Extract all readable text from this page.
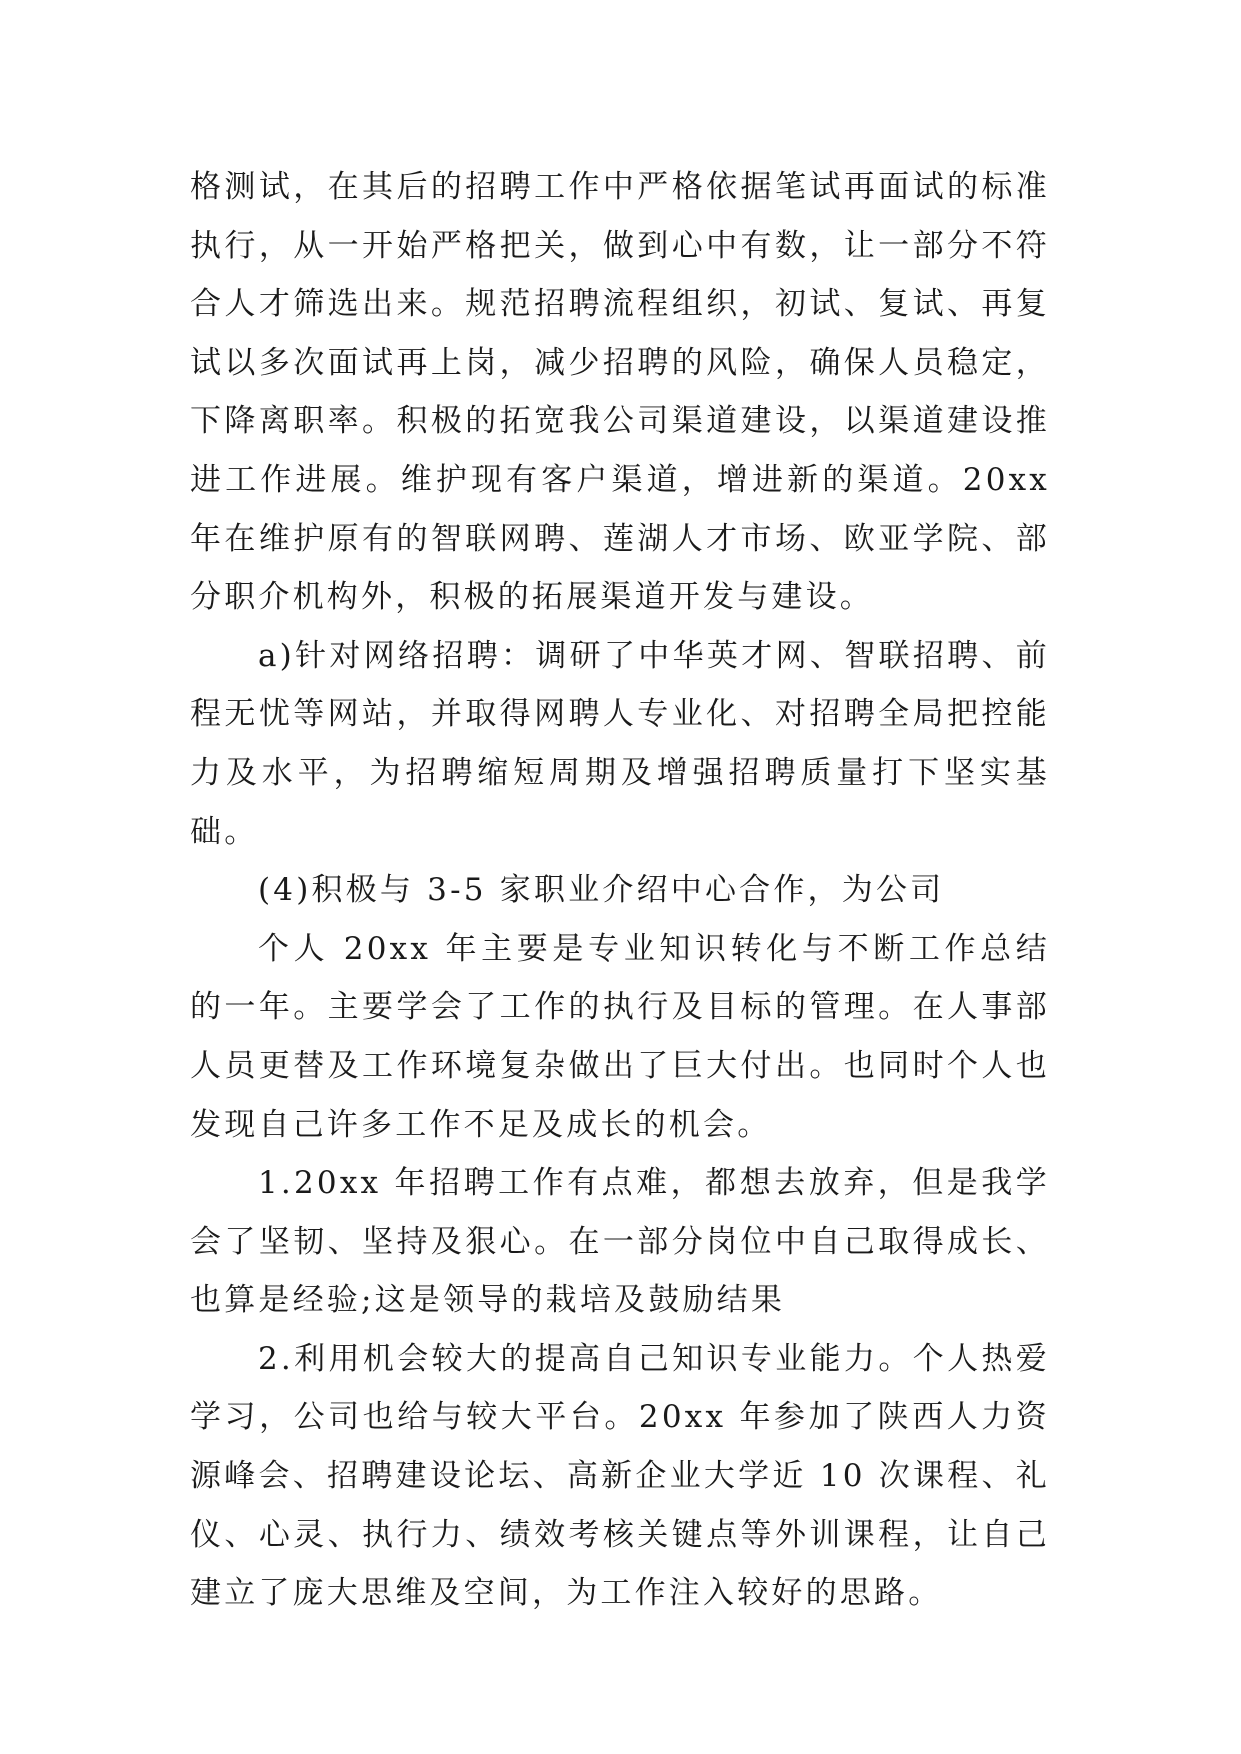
格测试，在其后的招聘工作中严格依据笔试再面试的标准执行，从一开始严格把关，做到心中有数，让一部分不符合人才筛选出来。规范招聘流程组织，初试、复试、再复试以多次面试再上岗，减少招聘的风险，确保人员稳定，下降离职率。积极的拓宽我公司渠道建设，以渠道建设推进工作进展。维护现有客户渠道，增进新的渠道。20xx 年在维护原有的智联网聘、莲湖人才市场、欧亚学院、部分职介机构外，积极的拓展渠道开发与建设。

a)针对网络招聘：调研了中华英才网、智联招聘、前程无忧等网站，并取得网聘人专业化、对招聘全局把控能力及水平，为招聘缩短周期及增强招聘质量打下坚实基础。

(4)积极与 3-5 家职业介绍中心合作，为公司

个人 20xx 年主要是专业知识转化与不断工作总结的一年。主要学会了工作的执行及目标的管理。在人事部人员更替及工作环境复杂做出了巨大付出。也同时个人也发现自己许多工作不足及成长的机会。

1.20xx 年招聘工作有点难，都想去放弃，但是我学会了坚韧、坚持及狠心。在一部分岗位中自己取得成长、也算是经验;这是领导的栽培及鼓励结果

2.利用机会较大的提高自己知识专业能力。个人热爱学习，公司也给与较大平台。20xx 年参加了陕西人力资源峰会、招聘建设论坛、高新企业大学近 10 次课程、礼仪、心灵、执行力、绩效考核关键点等外训课程，让自己建立了庞大思维及空间，为工作注入较好的思路。
